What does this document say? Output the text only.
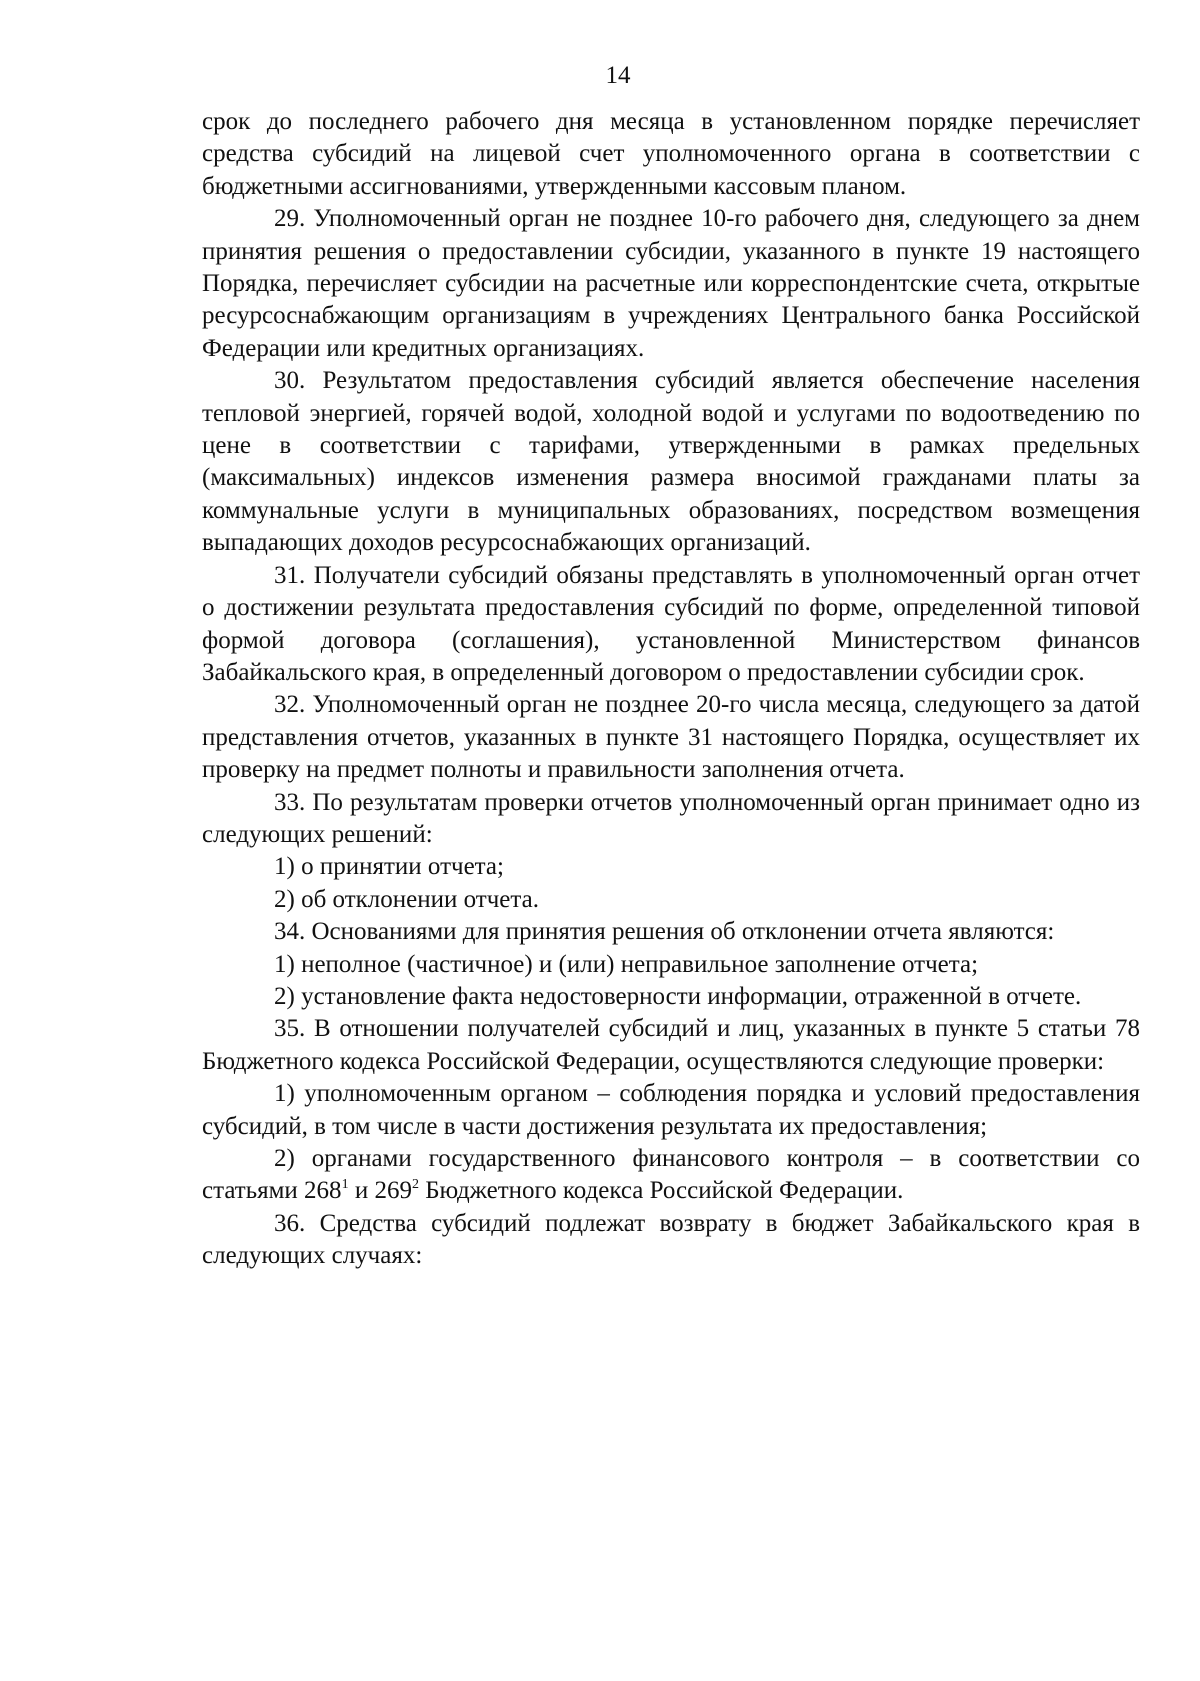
14

срок до последнего рабочего дня месяца в установленном порядке перечисляет средства субсидий на лицевой счет уполномоченного органа в соответствии с бюджетными ассигнованиями, утвержденными кассовым планом.

29. Уполномоченный орган не позднее 10-го рабочего дня, следующего за днем принятия решения о предоставлении субсидии, указанного в пункте 19 настоящего Порядка, перечисляет субсидии на расчетные или корреспондентские счета, открытые ресурсоснабжающим организациям в учреждениях Центрального банка Российской Федерации или кредитных организациях.

30. Результатом предоставления субсидий является обеспечение населения тепловой энергией, горячей водой, холодной водой и услугами по водоотведению по цене в соответствии с тарифами, утвержденными в рамках предельных (максимальных) индексов изменения размера вносимой гражданами платы за коммунальные услуги в муниципальных образованиях, посредством возмещения выпадающих доходов ресурсоснабжающих организаций.

31. Получатели субсидий обязаны представлять в уполномоченный орган отчет о достижении результата предоставления субсидий по форме, определенной типовой формой договора (соглашения), установленной Министерством финансов Забайкальского края, в определенный договором о предоставлении субсидии срок.

32. Уполномоченный орган не позднее 20-го числа месяца, следующего за датой представления отчетов, указанных в пункте 31 настоящего Порядка, осуществляет их проверку на предмет полноты и правильности заполнения отчета.

33. По результатам проверки отчетов уполномоченный орган принимает одно из следующих решений:

1) о принятии отчета;

2) об отклонении отчета.

34. Основаниями для принятия решения об отклонении отчета являются:

1) неполное (частичное) и (или) неправильное заполнение отчета;

2) установление факта недостоверности информации, отраженной в отчете.

35. В отношении получателей субсидий и лиц, указанных в пункте 5 статьи 78 Бюджетного кодекса Российской Федерации, осуществляются следующие проверки:

1) уполномоченным органом – соблюдения порядка и условий предоставления субсидий, в том числе в части достижения результата их предоставления;

2) органами государственного финансового контроля – в соответствии со статьями $268^1$ и $269^2$ Бюджетного кодекса Российской Федерации.

36. Средства субсидий подлежат возврату в бюджет Забайкальского края в следующих случаях:
